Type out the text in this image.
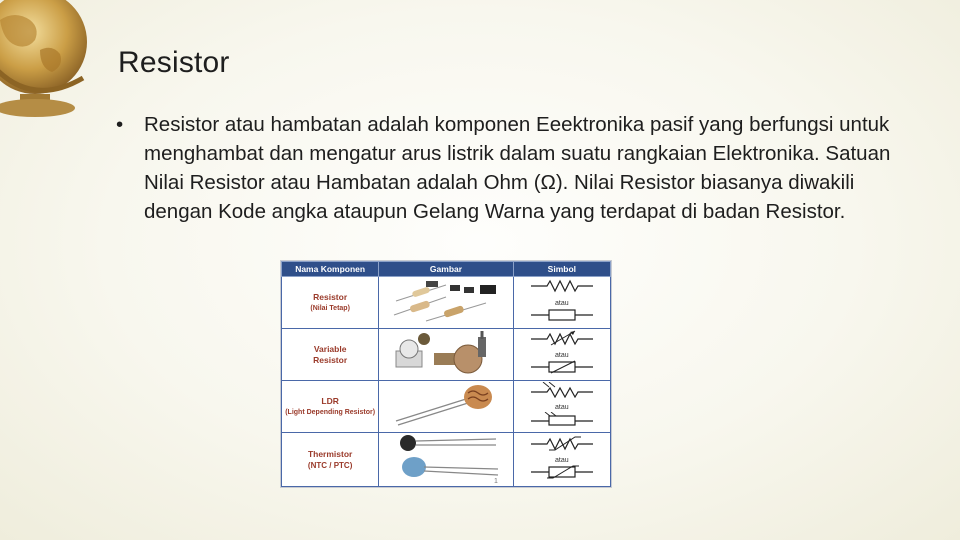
Resistor
• Resistor atau hambatan adalah komponen Eeektronika pasif yang berfungsi untuk menghambat dan mengatur arus listrik dalam suatu rangkaian Elektronika. Satuan Nilai Resistor atau Hambatan adalah Ohm (Ω). Nilai Resistor biasanya diwakili dengan Kode angka ataupun Gelang Warna yang terdapat di badan Resistor.
Nama Komponen	Gambar	Simbol
Resistor
(Nilai Tetap)		atau

Variable
Resistor		atau

LDR
(Light Depending Resistor)		atau

Thermistor
(NTC / PTC)		atau
1
